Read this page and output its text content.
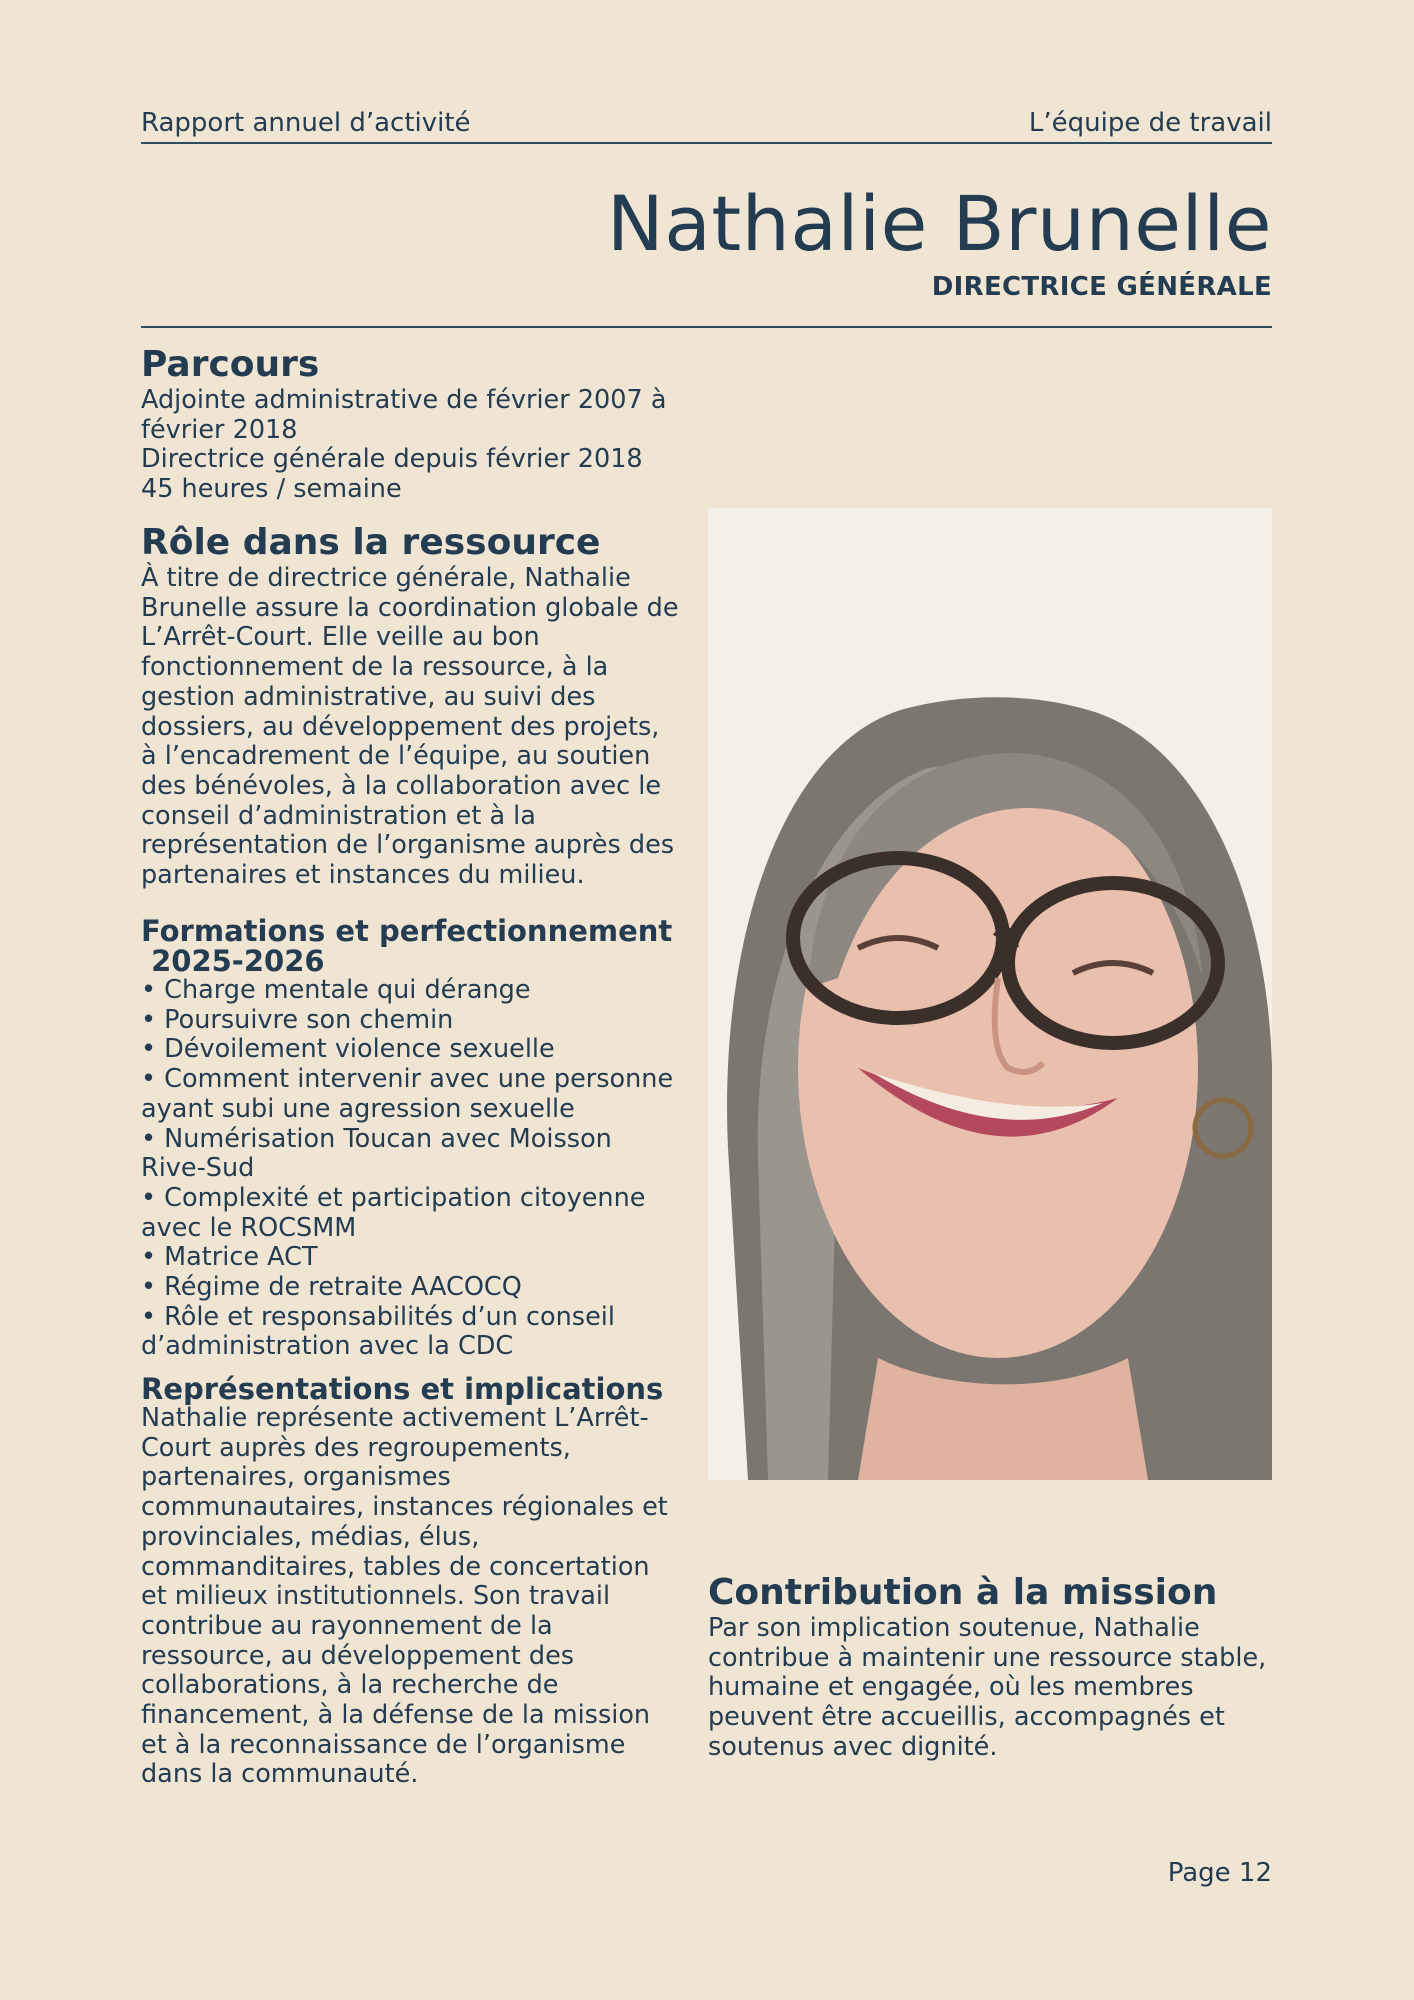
Rapport annuel d’activité	L’équipe de travail
Nathalie Brunelle
DIRECTRICE GÉNÉRALE
Parcours

Adjointe administrative de février 2007 à février 2018

Directrice générale depuis février 2018

45 heures / semaine

Rôle dans la ressource

À titre de directrice générale, Nathalie Brunelle assure la coordination globale de L’Arrêt-Court. Elle veille au bon fonctionnement de la ressource, à la gestion administrative, au suivi des dossiers, au développement des projets, à l’encadrement de l’équipe, au soutien des bénévoles, à la collaboration avec le conseil d’administration et à la représentation de l’organisme auprès des partenaires et instances du milieu.

Formations et perfectionnement
2025-2026
• Charge mentale qui dérange
• Poursuivre son chemin
• Dévoilement violence sexuelle
• Comment intervenir avec une personne ayant subi une agression sexuelle
• Numérisation Toucan avec Moisson Rive-Sud
• Complexité et participation citoyenne avec le ROCSMM
• Matrice ACT
• Régime de retraite AACOCQ
• Rôle et responsabilités d’un conseil d’administration avec la CDC
Représentations et implications

Nathalie représente activement L’Arrêt-Court auprès des regroupements, partenaires, organismes communautaires, instances régionales et provinciales, médias, élus, commanditaires, tables de concertation et milieux institutionnels. Son travail contribue au rayonnement de la ressource, au développement des collaborations, à la recherche de financement, à la défense de la mission et à la reconnaissance de l’organisme dans la communauté.

Contribution à la mission

Par son implication soutenue, Nathalie contribue à maintenir une ressource stable, humaine et engagée, où les membres peuvent être accueillis, accompagnés et soutenus avec dignité.

Page 12
